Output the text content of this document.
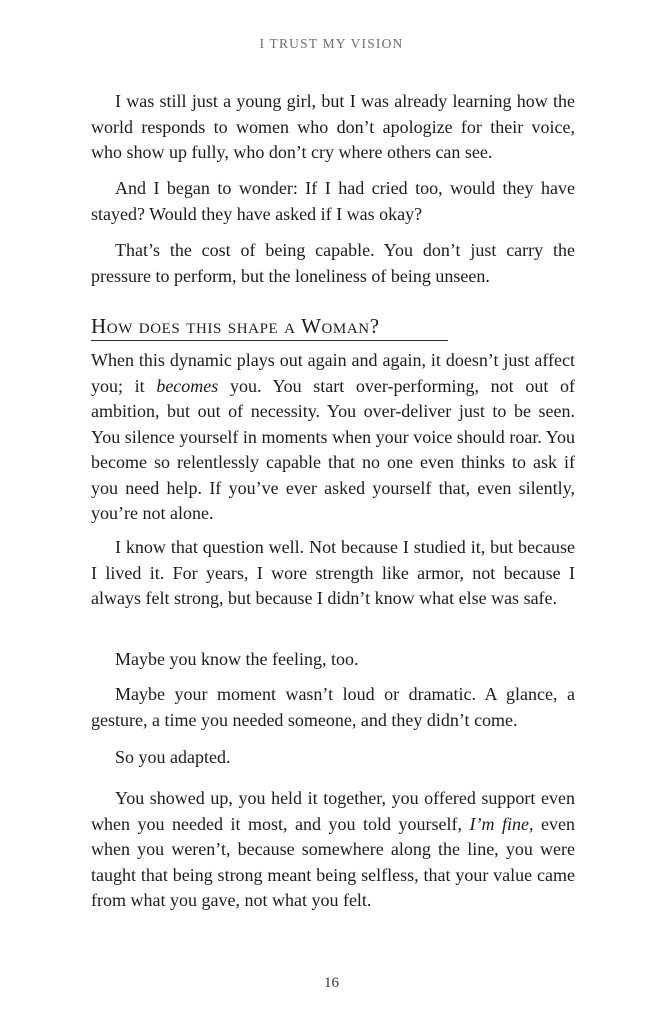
I TRUST MY VISION

I was still just a young girl, but I was already learning how the world responds to women who don’t apologize for their voice, who show up fully, who don’t cry where others can see.

And I began to wonder: If I had cried too, would they have stayed? Would they have asked if I was okay?

That’s the cost of being capable. You don’t just carry the pressure to perform, but the loneliness of being unseen.

How does this shape a Woman?

When this dynamic plays out again and again, it doesn’t just affect you; it becomes you. You start over-performing, not out of ambition, but out of necessity. You over-deliver just to be seen. You silence yourself in moments when your voice should roar. You become so relentlessly capable that no one even thinks to ask if you need help. If you’ve ever asked yourself that, even silently, you’re not alone.

I know that question well. Not because I studied it, but because I lived it. For years, I wore strength like armor, not because I always felt strong, but because I didn’t know what else was safe.

Maybe you know the feeling, too.

Maybe your moment wasn’t loud or dramatic. A glance, a gesture, a time you needed someone, and they didn’t come.

So you adapted.

You showed up, you held it together, you offered support even when you needed it most, and you told yourself, I’m fine, even when you weren’t, because somewhere along the line, you were taught that being strong meant being selfless, that your value came from what you gave, not what you felt.

16
